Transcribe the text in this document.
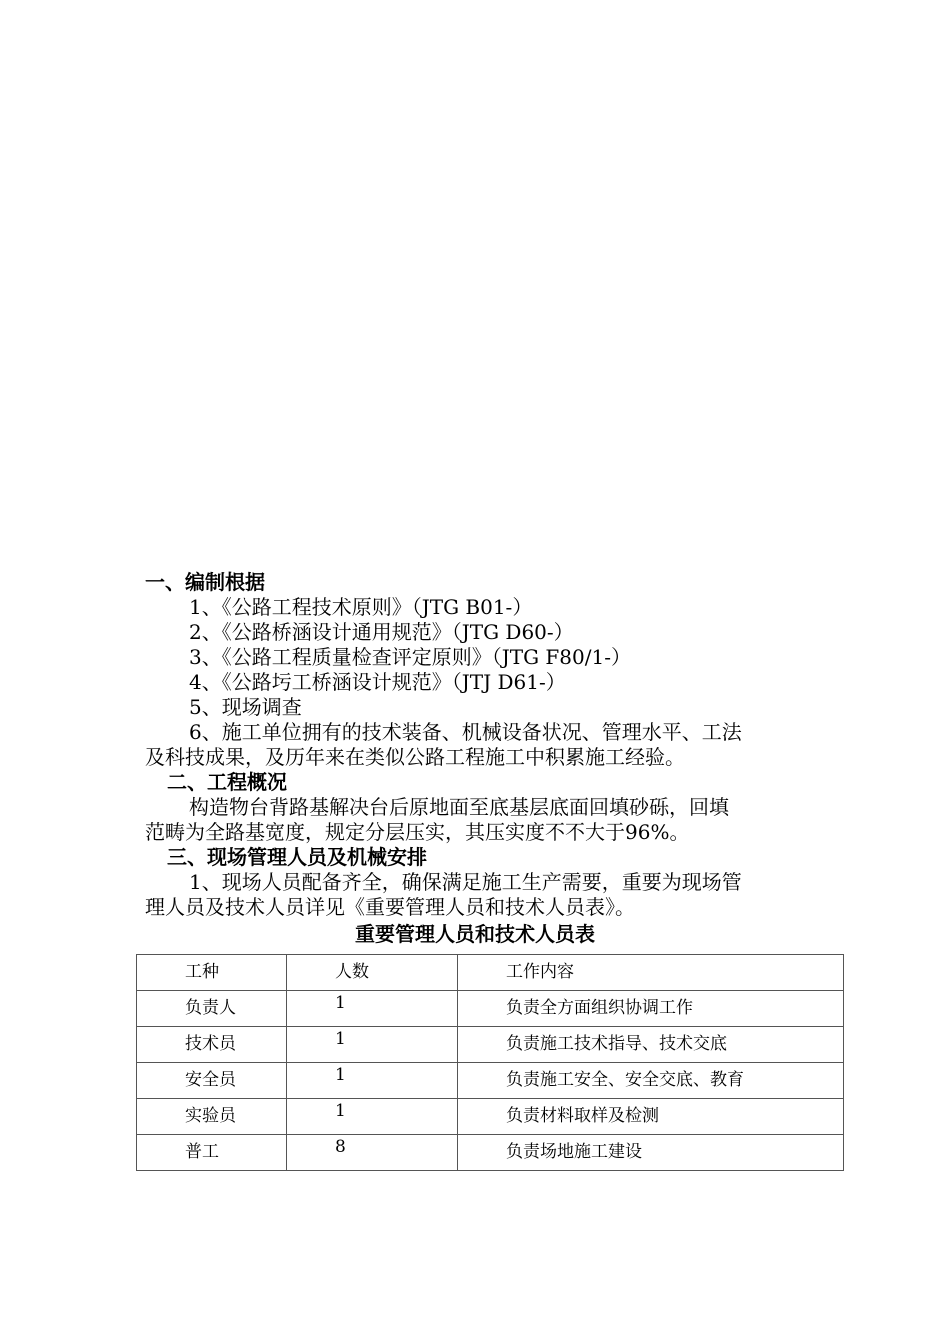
一、编制根据
1、《公路工程技术原则》（JTG B01-）
2、《公路桥涵设计通用规范》（JTG D60-）
3、《公路工程质量检查评定原则》（JTG F80/1-）
4、《公路圬工桥涵设计规范》（JTJ D61-）
5、现场调查
6、施工单位拥有的技术装备、机械设备状况、管理水平、工法
及科技成果，及历年来在类似公路工程施工中积累施工经验。
二、工程概况
构造物台背路基解决台后原地面至底基层底面回填砂砾，回填
范畴为全路基宽度，规定分层压实，其压实度不不大于96%。
三、现场管理人员及机械安排
1、现场人员配备齐全，确保满足施工生产需要，重要为现场管
理人员及技术人员详见《重要管理人员和技术人员表》。
重要管理人员和技术人员表
工种	人数	工作内容

负责人	1	负责全方面组织协调工作

技术员	1	负责施工技术指导、技术交底

安全员	1	负责施工安全、安全交底、教育

实验员	1	负责材料取样及检测

普工	8	负责场地施工建设
